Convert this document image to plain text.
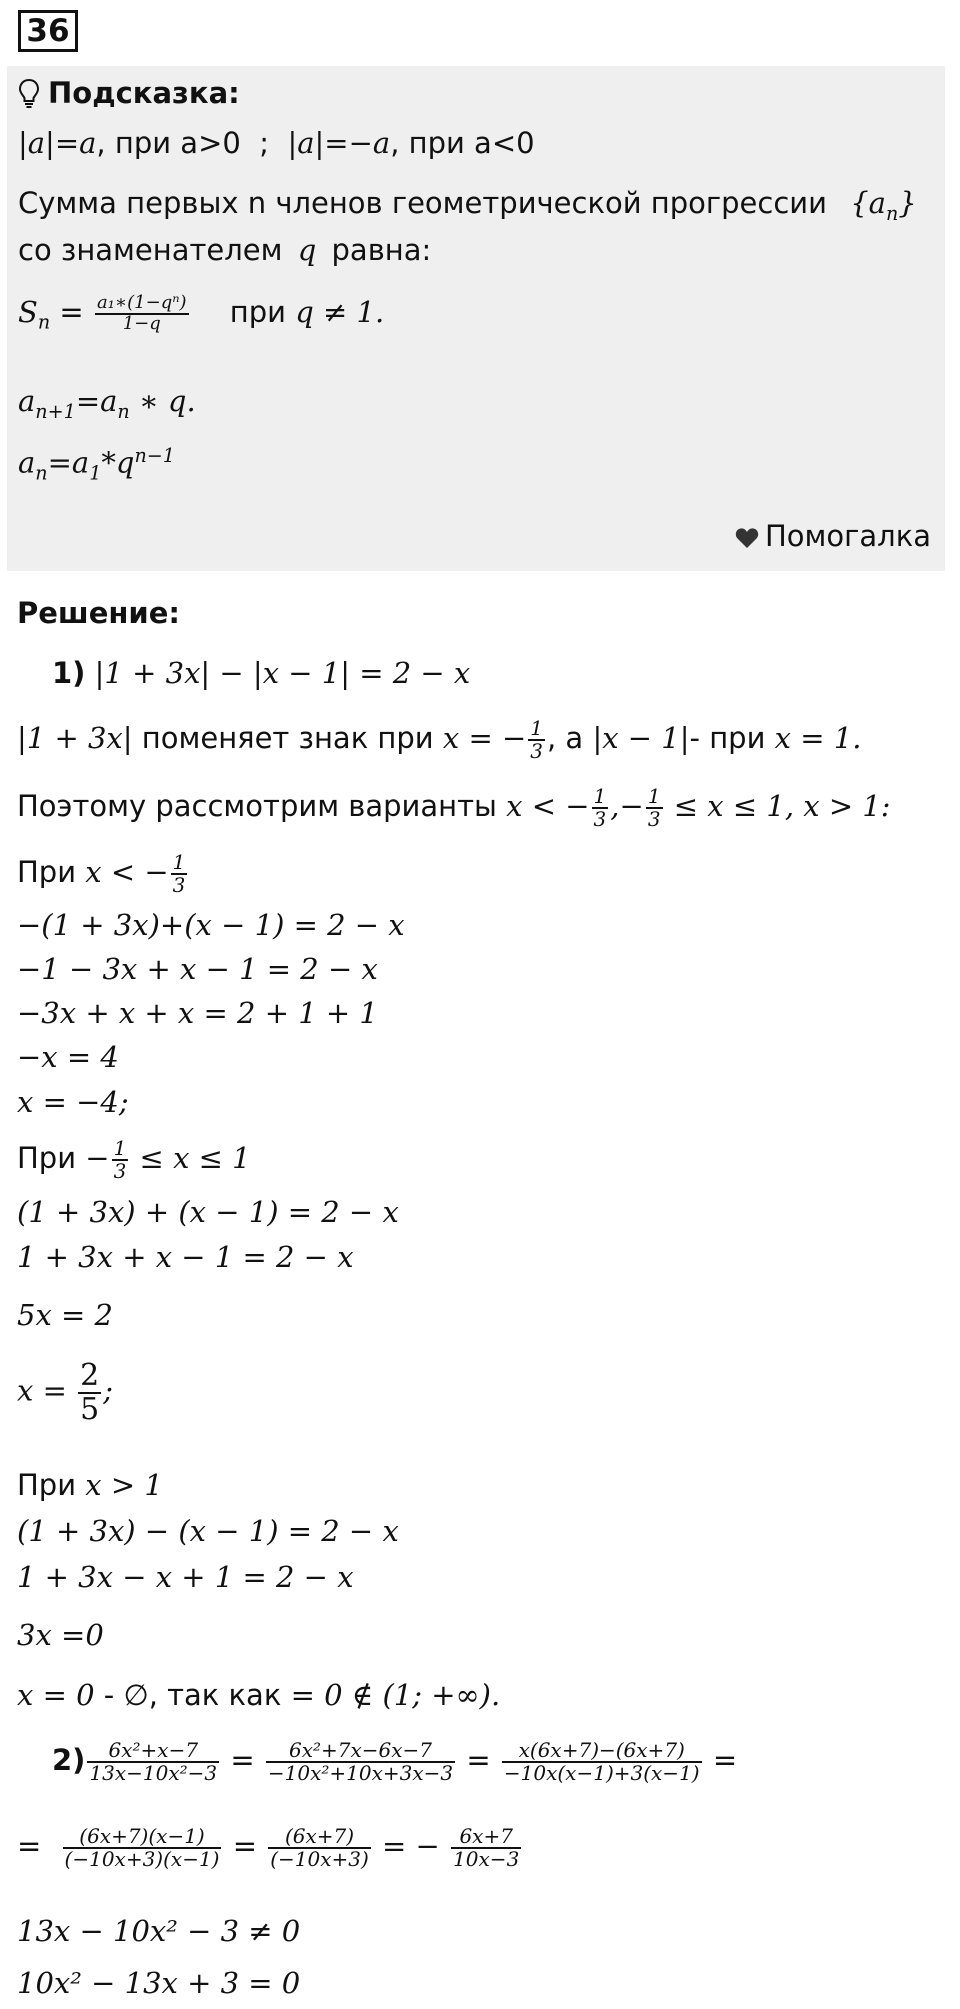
36
Подсказка:
|a|=a, при a>0  ;  |a|=−a, при a<0
Сумма первых n членов геометрической прогрессии $\{a_n\}$
со знаменателем q равна:
$S_n = \frac{\text{a₁∗(1−qⁿ)}}{1-q}$ при q ≠ 1.
$a_{n+1}=a_n$ ∗ q.
$a_n=a_1*q^{n-1}$
Помогалка
Решение:
1) |1 + 3x| − |x − 1| = 2 − x
|1 + 3x| поменяет знак при x = − $\frac{1}{3}$ , а |x − 1|- при x = 1.
Поэтому рассмотрим варианты x < − $\frac{1}{3}$ ,− $\frac{1}{3} \le x \le 1$, x > 1:
При x < − $\frac{1}{3}$
−(1 + 3x)+(x − 1) = 2 − x
−1 − 3x + x − 1 = 2 − x
−3x + x + x = 2 + 1 + 1
−x = 4
x = −4;
При − $\frac{1}{3} \le x \le 1$
(1 + 3x) + (x − 1) = 2 − x
1 + 3x + x − 1 = 2 − x
5x = 2
$x = \frac{2}{5}$ ;
При x > 1
(1 + 3x) − (x − 1) = 2 − x
1 + 3x − x + 1 = 2 − x
3x =0
x = 0 - ∅, так как = 0 ∉ (1; +∞).
$2) \frac{\text{6x²+x−7}}{\text{13x−10x²−3}} = \frac{\text{6x²+7x−6x−7}}{\text{−10x²+10x+3x−3}} = \frac{x(6x+7)-(6x+7)}{-10x(x-1)+3(x-1)}$ =
= $\frac{(6x+7)(x-1)}{(-10x+3)(x-1)} = \frac{(6x+7)}{(-10x+3)}$ = − $\frac{6x+7}{10x-3}$
13x − 10x² − 3 ≠ 0
10x² − 13x + 3 = 0
